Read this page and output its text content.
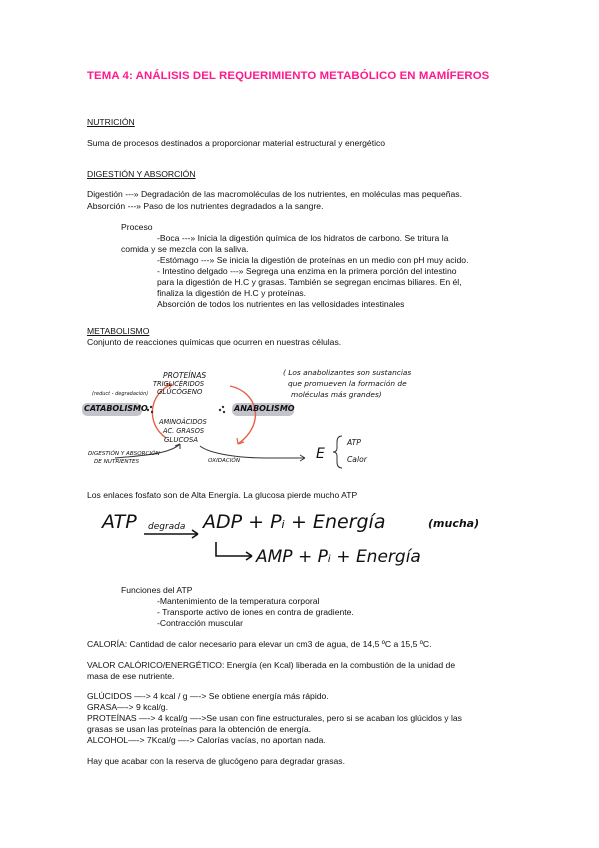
TEMA 4: ANÁLISIS DEL REQUERIMIENTO METABÓLICO EN MAMÍFEROS
NUTRICIÓN
Suma de procesos destinados a proporcionar material estructural y energético
DIGESTIÓN Y ABSORCIÓN
Digestión ---» Degradación de las macromoléculas de los nutrientes, en moléculas mas pequeñas.
Absorción ---» Paso de los nutrientes degradados a la sangre.
Proceso
-Boca ---» Inicia la digestión química de los hidratos de carbono. Se tritura la
comida y se mezcla con la saliva.
-Estómago ---» Se inicia la digestión de proteínas en un medio con pH muy acido.
- Intestino delgado ---» Segrega una enzima en la primera porción del intestino
para la digestión de H.C y grasas. También se segregan encimas biliares. En él,
finaliza la digestión de H.C y proteínas.
Absorción de todos los nutrientes en las vellosidades intestinales
METABOLISMO
Conjunto de reacciones químicas que ocurren en nuestras células.
PROTEÍNAS
TRIGLICÉRIDOS
GLUCÓGENO
AMINOÁCIDOS
AC. GRASOS
GLUCOSA
CATABOLISMO	ANABOLISMO
(reduct - degradación)
( Los anabolizantes son sustancias
que promueven la formación de
moléculas más grandes)
DIGESTIÓN Y ABSORCIÓN
DE NUTRIENTES	OXIDACIÓN	E
ATP
Calor
Los enlaces fosfato son de Alta Energía. La glucosa pierde mucho ATP
ATP degrada ADP + Pᵢ + Energía	(mucha)
AMP + Pᵢ + Energía
Funciones del ATP
-Mantenimiento de la temperatura corporal
- Transporte activo de iones en contra de gradiente.
-Contracción muscular
CALORÍA: Cantidad de calor necesario para elevar un cm3 de agua, de 14,5 ºC a 15,5 ºC.
VALOR CALÓRICO/ENERGÉTICO: Energía (en Kcal) liberada en la combustión de la unidad de
masa de ese nutriente.
GLÚCIDOS —-> 4 kcal / g —-> Se obtiene energía más rápido.
GRASA—-> 9 kcal/g.
PROTEÍNAS —-> 4 kcal/g —->Se usan con fine estructurales, pero si se acaban los glúcidos y las
grasas se usan las proteínas para la obtención de energía.
ALCOHOL—-> 7Kcal/g —-> Calorías vacías, no aportan nada.
Hay que acabar con la reserva de glucógeno para degradar grasas.
